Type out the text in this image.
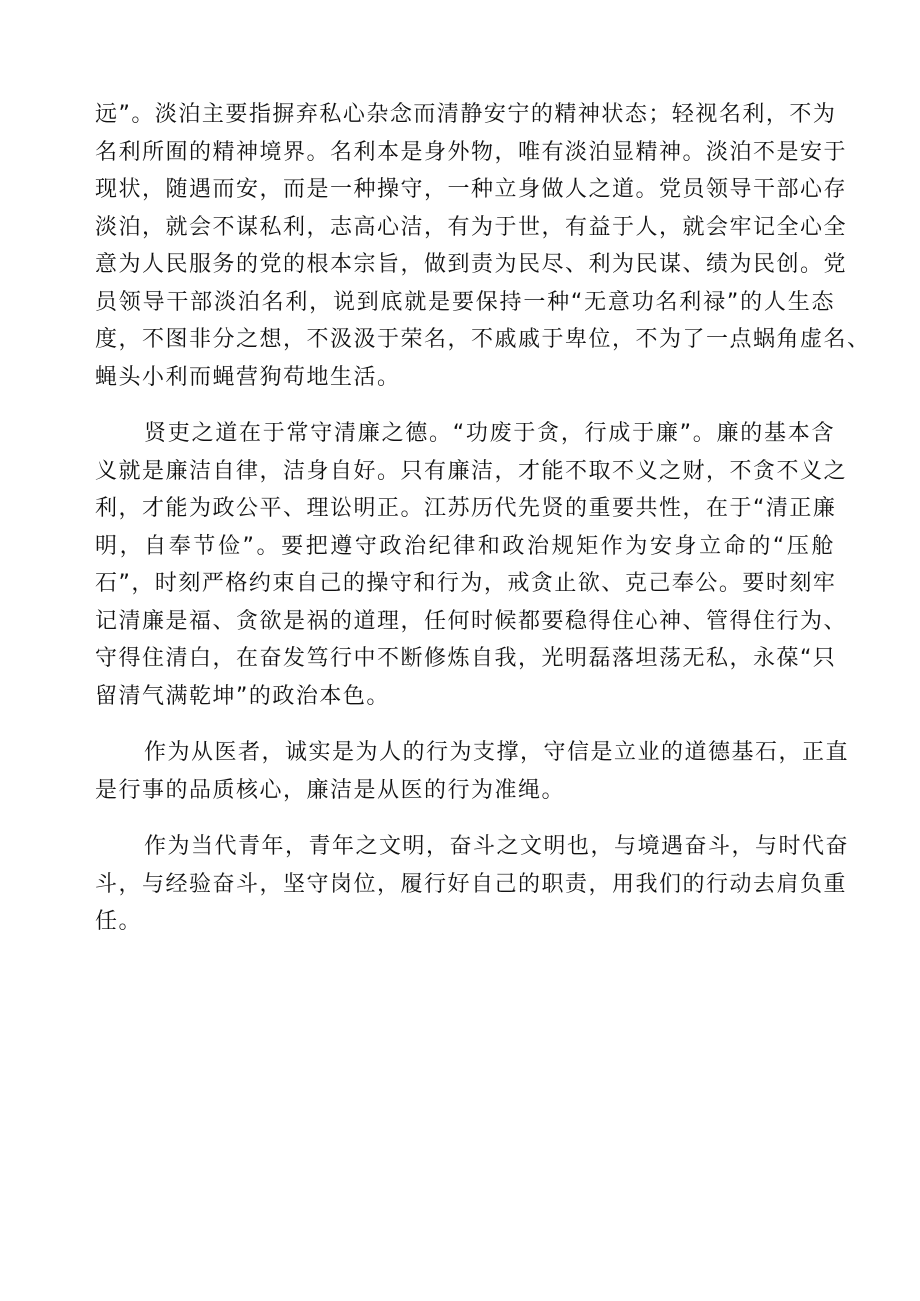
远”。淡泊主要指摒弃私心杂念而清静安宁的精神状态；轻视名利，不为
名利所囿的精神境界。名利本是身外物，唯有淡泊显精神。淡泊不是安于
现状，随遇而安，而是一种操守，一种立身做人之道。党员领导干部心存
淡泊，就会不谋私利，志高心洁，有为于世，有益于人，就会牢记全心全
意为人民服务的党的根本宗旨，做到责为民尽、利为民谋、绩为民创。党
员领导干部淡泊名利，说到底就是要保持一种“无意功名利禄”的人生态
度，不图非分之想，不汲汲于荣名，不戚戚于卑位，不为了一点蜗角虚名、
蝇头小利而蝇营狗苟地生活。
贤吏之道在于常守清廉之德。“功废于贪，行成于廉”。廉的基本含
义就是廉洁自律，洁身自好。只有廉洁，才能不取不义之财，不贪不义之
利，才能为政公平、理讼明正。江苏历代先贤的重要共性，在于“清正廉
明，自奉节俭”。要把遵守政治纪律和政治规矩作为安身立命的“压舱
石”，时刻严格约束自己的操守和行为，戒贪止欲、克己奉公。要时刻牢
记清廉是福、贪欲是祸的道理，任何时候都要稳得住心神、管得住行为、
守得住清白，在奋发笃行中不断修炼自我，光明磊落坦荡无私，永葆“只
留清气满乾坤”的政治本色。
作为从医者，诚实是为人的行为支撑，守信是立业的道德基石，正直
是行事的品质核心，廉洁是从医的行为准绳。
作为当代青年，青年之文明，奋斗之文明也，与境遇奋斗，与时代奋
斗，与经验奋斗，坚守岗位，履行好自己的职责，用我们的行动去肩负重
任。
